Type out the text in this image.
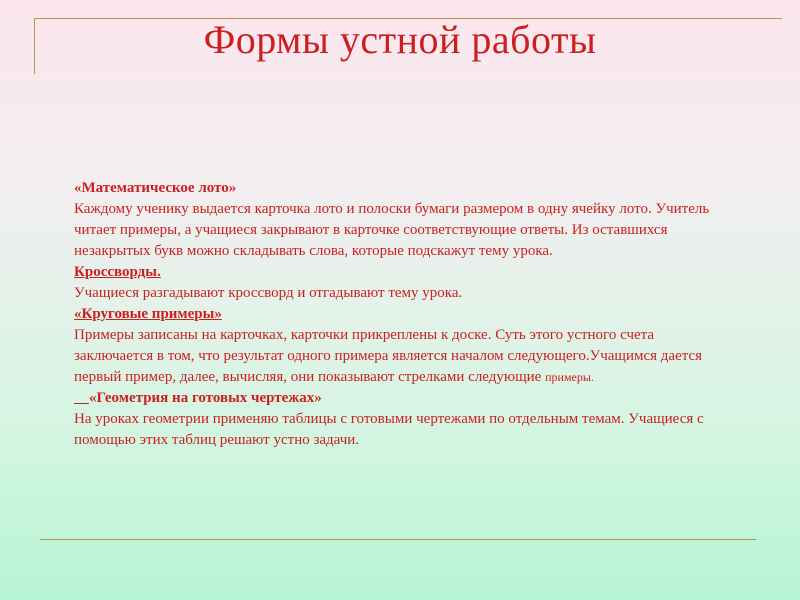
Формы устной работы

«Математическое лото»
Каждому ученику выдается карточка лото и полоски бумаги размером в одну ячейку лото. Учитель читает примеры, а учащиеся закрывают в карточке соответствующие ответы. Из оставшихся незакрытых букв можно складывать слова, которые подскажут тему урока.

Кроссворды.
Учащиеся разгадывают кроссворд и отгадывают тему урока.

«Круговые примеры»
Примеры записаны на карточках, карточки прикреплены к доске. Суть этого устного счета заключается в том, что результат одного примера является началом следующего.Учащимся дается первый пример, далее, вычисляя, они показывают стрелками следующие примеры.

«Геометрия на готовых чертежах»
На уроках геометрии применяю таблицы с готовыми чертежами по отдельным темам. Учащиеся с помощью этих таблиц решают устно задачи.
